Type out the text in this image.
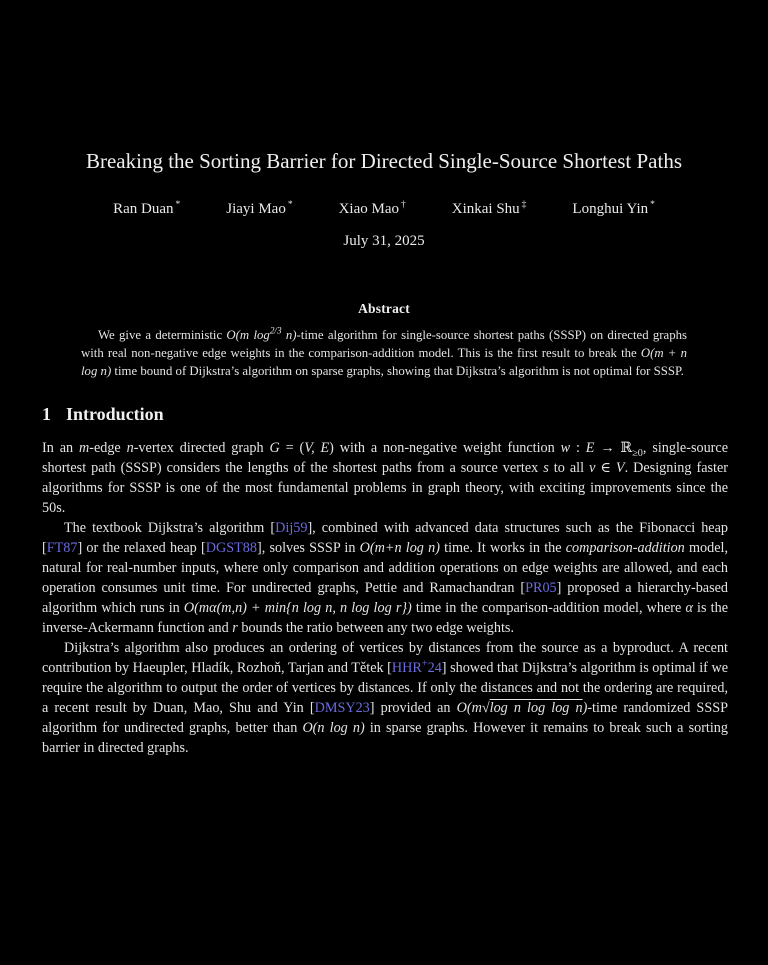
Breaking the Sorting Barrier for Directed Single-Source Shortest Paths
Ran Duan *	Jiayi Mao *	Xiao Mao †	Xinkai Shu ‡	Longhui Yin *
July 31, 2025
Abstract

We give a deterministic O(m $\log^{2/3}$ n)-time algorithm for single-source shortest paths (SSSP) on directed graphs with real non-negative edge weights in the comparison-addition model. This is the first result to break the O(m + n log n) time bound of Dijkstra’s algorithm on sparse graphs, showing that Dijkstra’s algorithm is not optimal for SSSP.

1 Introduction

In an m-edge n-vertex directed graph G = (V, E) with a non-negative weight function w : E → ℝ$_{\ge 0}$, single-source shortest path (SSSP) considers the lengths of the shortest paths from a source vertex s to all v ∈ V. Designing faster algorithms for SSSP is one of the most fundamental problems in graph theory, with exciting improvements since the 50s.

The textbook Dijkstra’s algorithm [Dij59], combined with advanced data structures such as the Fibonacci heap [FT87] or the relaxed heap [DGST88], solves SSSP in O(m+n log n) time. It works in the comparison-addition model, natural for real-number inputs, where only comparison and addition operations on edge weights are allowed, and each operation consumes unit time. For undirected graphs, Pettie and Ramachandran [PR05] proposed a hierarchy-based algorithm which runs in O(mα(m,n) + min{n log n, n log log r}) time in the comparison-addition model, where α is the inverse-Ackermann function and r bounds the ratio between any two edge weights.

Dijkstra’s algorithm also produces an ordering of vertices by distances from the source as a byproduct. A recent contribution by Haeupler, Hladík, Rozhoň, Tarjan and Tětek [HHR+24] showed that Dijkstra’s algorithm is optimal if we require the algorithm to output the order of vertices by distances. If only the distances and not the ordering are required, a recent result by Duan, Mao, Shu and Yin [DMSY23] provided an O(m√log n log log n)-time randomized SSSP algorithm for undirected graphs, better than O(n log n) in sparse graphs. However it remains to break such a sorting barrier in directed graphs.
